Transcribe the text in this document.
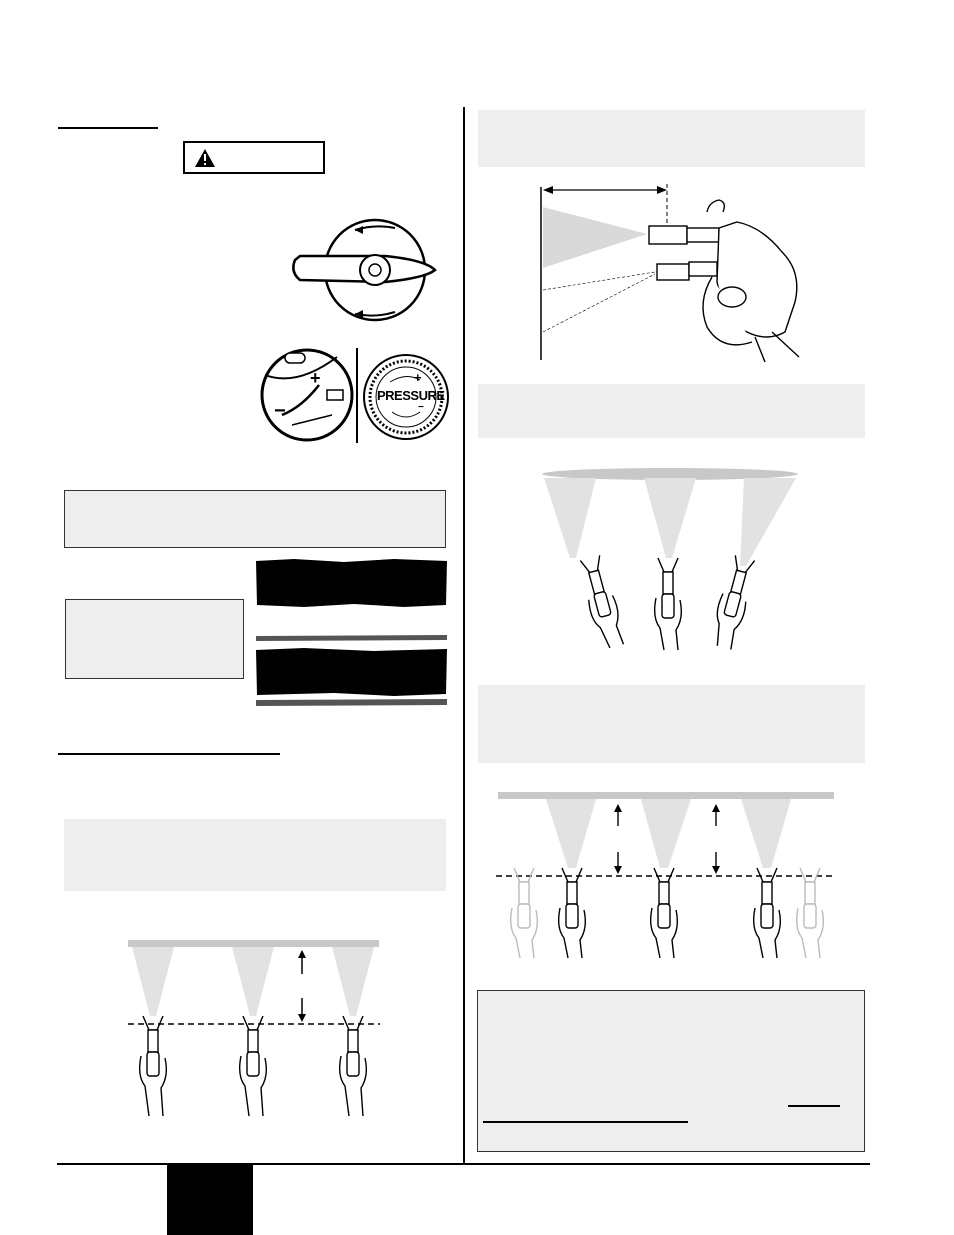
+
−
PRESSURE
+
−
